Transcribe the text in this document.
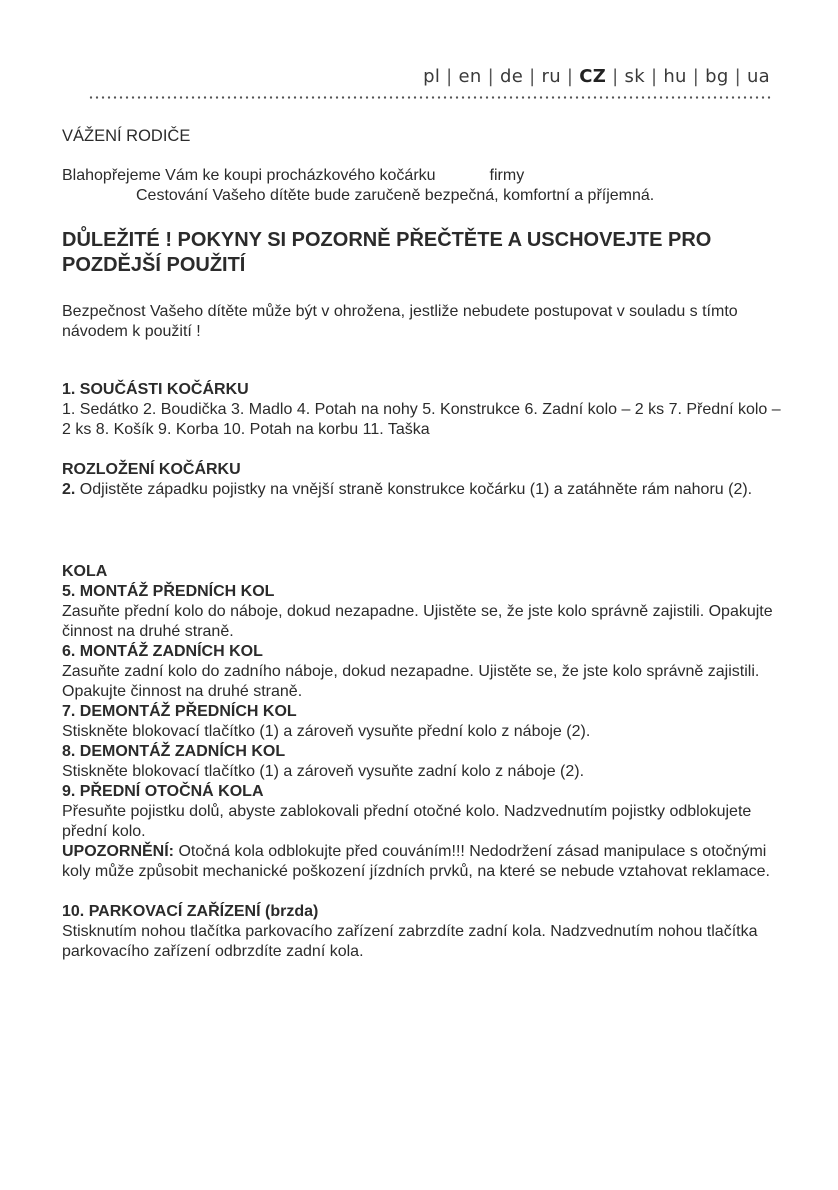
pl | en | de | ru | CZ | sk | hu | bg | ua

VÁŽENÍ RODIČE

Blahopřejeme Vám ke koupi procházkového kočárku	firmy
Cestování Vašeho dítěte bude zaručeně bezpečná, komfortní a příjemná.

DŮLEŽITÉ ! POKYNY SI POZORNĚ PŘEČTĚTE A USCHOVEJTE PRO POZDĚJŠÍ POUŽITÍ

Bezpečnost Vašeho dítěte může být v ohrožena, jestliže nebudete postupovat v souladu s tímto návodem k použití !

1. SOUČÁSTI KOČÁRKU

1. Sedátko 2. Boudička 3. Madlo 4. Potah na nohy 5. Konstrukce 6. Zadní kolo – 2 ks 7. Přední kolo – 2 ks 8. Košík 9. Korba 10. Potah na korbu 11. Taška

ROZLOŽENÍ KOČÁRKU

2. Odjistěte západku pojistky na vnější straně konstrukce kočárku (1) a zatáhněte rám nahoru (2).

KOLA

5. MONTÁŽ PŘEDNÍCH KOL

Zasuňte přední kolo do náboje, dokud nezapadne. Ujistěte se, že jste kolo správně zajistili. Opakujte činnost na druhé straně.

6. MONTÁŽ ZADNÍCH KOL

Zasuňte zadní kolo do zadního náboje, dokud nezapadne. Ujistěte se, že jste kolo správně zajistili. Opakujte činnost na druhé straně.

7. DEMONTÁŽ PŘEDNÍCH KOL

Stiskněte blokovací tlačítko (1) a zároveň vysuňte přední kolo z náboje (2).

8. DEMONTÁŽ ZADNÍCH KOL

Stiskněte blokovací tlačítko (1) a zároveň vysuňte zadní kolo z náboje (2).

9. PŘEDNÍ OTOČNÁ KOLA

Přesuňte pojistku dolů, abyste zablokovali přední otočné kolo. Nadzvednutím pojistky odblokujete přední kolo.

UPOZORNĚNÍ: Otočná kola odblokujte před couváním!!! Nedodržení zásad manipulace s otočnými koly může způsobit mechanické poškození jízdních prvků, na které se nebude vztahovat reklamace.

10. PARKOVACÍ ZAŘÍZENÍ (brzda)

Stisknutím nohou tlačítka parkovacího zařízení zabrzdíte zadní kola. Nadzvednutím nohou tlačítka parkovacího zařízení odbrzdíte zadní kola.
